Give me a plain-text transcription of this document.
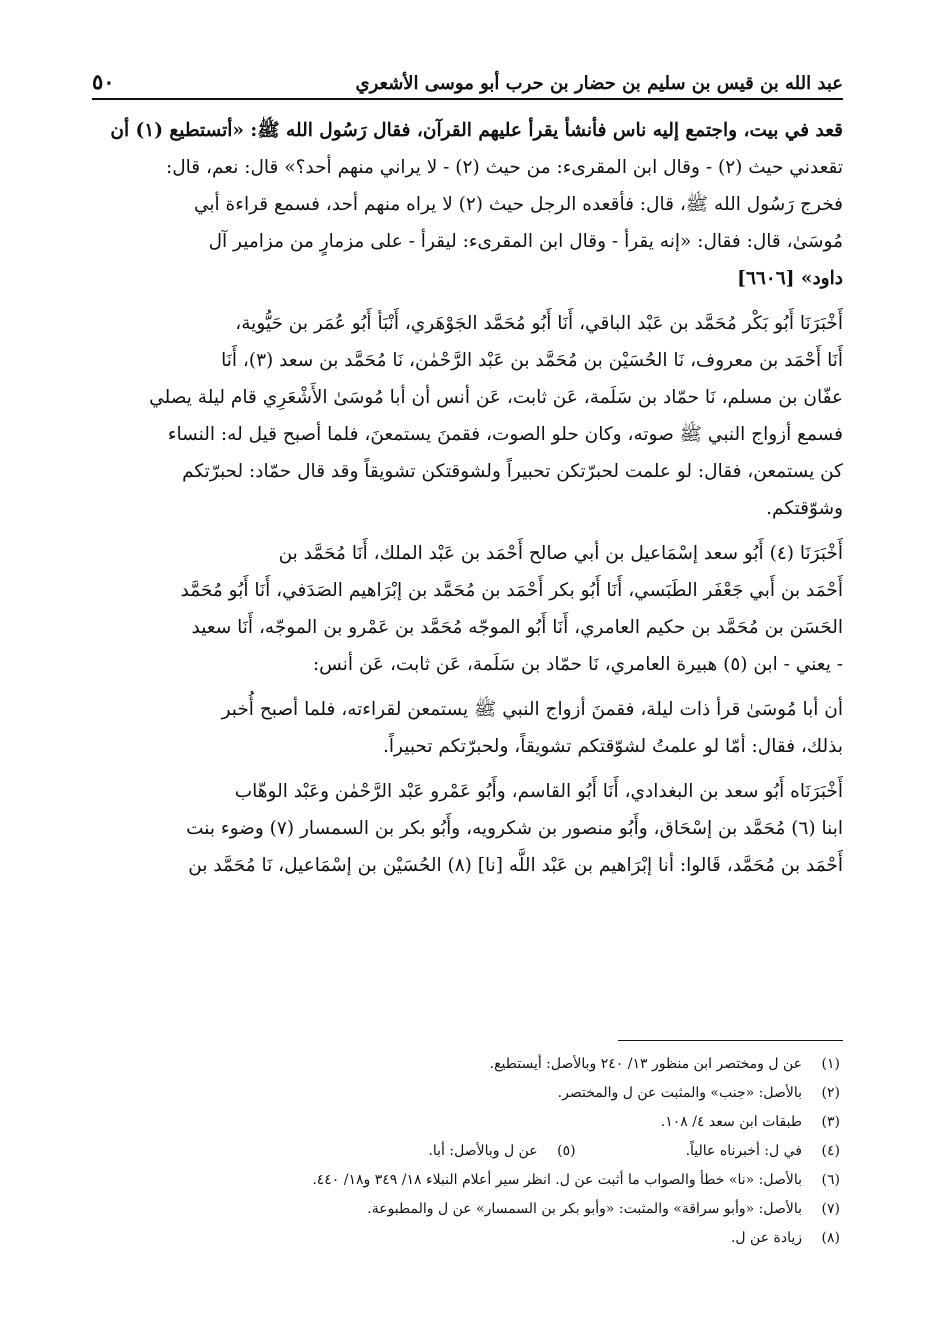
عبد الله بن قيس بن سليم بن حضار بن حرب أبو موسى الأشعري
٥٠
قعد في بيت، واجتمع إليه ناس فأنشأ يقرأ عليهم القرآن، فقال رَسُول الله ﷺ: «أتستطيع (١) أن
تقعدني حيث (٢) - وقال ابن المقرىء: من حيث (٢) - لا يراني منهم أحد؟» قال: نعم، قال:
فخرج رَسُول الله ﷺ، قال: فأقعده الرجل حيث (٢) لا يراه منهم أحد، فسمع قراءة أبي
مُوسَىٰ، قال: فقال: «إنه يقرأ - وقال ابن المقرىء: ليقرأ - على مزمارٍ من مزامير آل
داود» [٦٦٠٦]
أَخْبَرَنَا أَبُو بَكْر مُحَمَّد بن عَبْد الباقي، أَنَا أَبُو مُحَمَّد الجَوْهَري، أَنْبَأ أَبُو عُمَر بن حَيُّوية،
أَنَا أَحْمَد بن معروف، نَا الحُسَيْن بن مُحَمَّد بن عَبْد الرَّحْمٰن، نَا مُحَمَّد بن سعد (٣)، أَنَا
عفّان بن مسلم، نَا حمّاد بن سَلَمة، عَن ثابت، عَن أنس أن أبا مُوسَىٰ الأَشْعَرِي قام ليلة يصلي
فسمع أزواج النبي ﷺ صوته، وكان حلو الصوت، فقمنَ يستمعنَ، فلما أصبح قيل له: النساء
كن يستمعن، فقال: لو علمت لحبرّتكن تحبيراً ولشوقتكن تشويقاً وقد قال حمّاد: لحبرّتكم
وشوّقتكم.
أَخْبَرَنَا (٤) أَبُو سعد إسْمَاعيل بن أبي صالح أَحْمَد بن عَبْد الملك، أَنَا مُحَمَّد بن
أَحْمَد بن أَبي جَعْفَر الطَبَسي، أَنَا أَبُو بكر أَحْمَد بن مُحَمَّد بن إبْرَاهيم الصَدَفي، أَنَا أَبُو مُحَمَّد
الحَسَن بن مُحَمَّد بن حكيم العامري، أَنَا أَبُو الموجّه مُحَمَّد بن عَمْرو بن الموجّه، أَنَا سعيد
- يعني - ابن (٥) هبيرة العامري، نَا حمّاد بن سَلَمة، عَن ثابت، عَن أنس:
أن أبا مُوسَىٰ قرأ ذات ليلة، فقمنَ أزواج النبي ﷺ يستمعن لقراءته، فلما أصبح أُخبر
بذلك، فقال: أمّا لو علمتُ لشوّقتكم تشويقاً، ولحبرّتكم تحبيراً.
أَخْبَرَنَاه أَبُو سعد بن البغدادي، أَنَا أَبُو القاسم، وأَبُو عَمْرو عَبْد الرَّحْمٰن وعَبْد الوهّاب
ابنا (٦) مُحَمَّد بن إسْحَاق، وأَبُو منصور بن شكرويه، وأَبُو بكر بن السمسار (٧) وضوء بنت
أَحْمَد بن مُحَمَّد، قَالوا: أنا إبْرَاهيم بن عَبْد اللَّه [نا] (٨) الحُسَيْن بن إسْمَاعيل، نَا مُحَمَّد بن
(١)
عن ل ومختصر ابن منظور ١٣/ ٢٤٠ وبالأصل: أيستطيع.
(٢)
بالأصل: «جنب» والمثبت عن ل والمختصر.
(٣)
طبقات ابن سعد ٤/ ١٠٨.
(٤)
في ل: أخبرناه عالياً.
(٥)
عن ل وبالأصل: أبا.
(٦)
بالأصل: «نا» خطأ والصواب ما أثبت عن ل. انظر سير أعلام النبلاء ١٨/ ٣٤٩ و١٨/ ٤٤٠.
(٧)
بالأصل: «وأبو سراقة» والمثبت: «وأبو بكر بن السمسار» عن ل والمطبوعة.
(٨)
زيادة عن ل.
